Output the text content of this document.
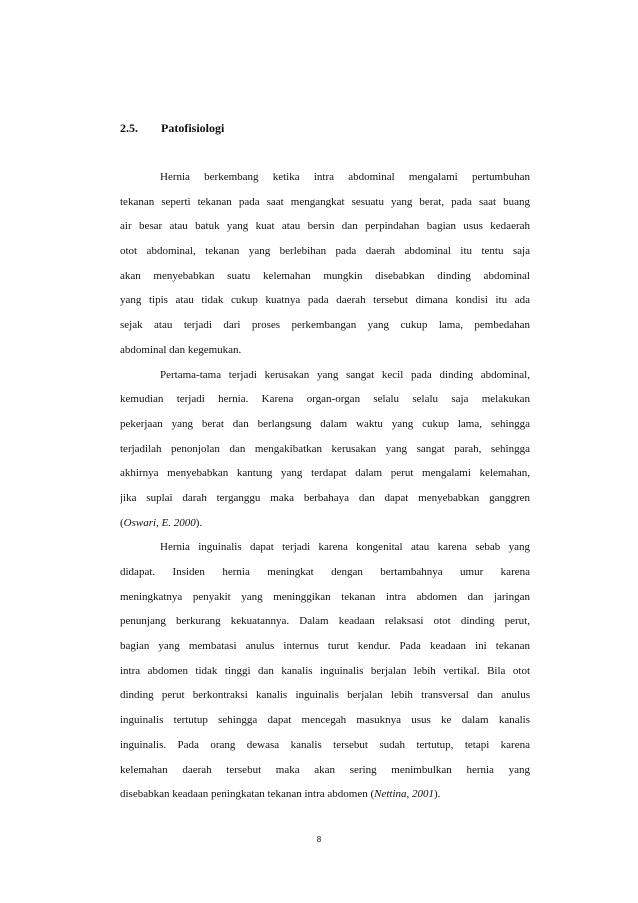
2.5. Patofisiologi
Hernia berkembang ketika intra abdominal mengalami pertumbuhan
tekanan seperti tekanan pada saat mengangkat sesuatu yang berat, pada saat buang
air besar atau batuk yang kuat atau bersin dan perpindahan bagian usus kedaerah
otot abdominal, tekanan yang berlebihan pada daerah abdominal itu tentu saja
akan menyebabkan suatu kelemahan mungkin disebabkan dinding abdominal
yang tipis atau tidak cukup kuatnya pada daerah tersebut dimana kondisi itu ada
sejak atau terjadi dari proses perkembangan yang cukup lama, pembedahan
abdominal dan kegemukan.
Pertama-tama terjadi kerusakan yang sangat kecil pada dinding abdominal,
kemudian terjadi hernia. Karena organ-organ selalu selalu saja melakukan
pekerjaan yang berat dan berlangsung dalam waktu yang cukup lama, sehingga
terjadilah penonjolan dan mengakibatkan kerusakan yang sangat parah, sehingga
akhirnya menyebabkan kantung yang terdapat dalam perut mengalami kelemahan,
jika suplai darah terganggu maka berbahaya dan dapat menyebabkan ganggren
(Oswari, E. 2000).
Hernia inguinalis dapat terjadi karena kongenital atau karena sebab yang
didapat. Insiden hernia meningkat dengan bertambahnya umur karena
meningkatnya penyakit yang meninggikan tekanan intra abdomen dan jaringan
penunjang berkurang kekuatannya. Dalam keadaan relaksasi otot dinding perut,
bagian yang membatasi anulus internus turut kendur. Pada keadaan ini tekanan
intra abdomen tidak tinggi dan kanalis inguinalis berjalan lebih vertikal. Bila otot
dinding perut berkontraksi kanalis inguinalis berjalan lebih transversal dan anulus
inguinalis tertutup sehingga dapat mencegah masuknya usus ke dalam kanalis
inguinalis. Pada orang dewasa kanalis tersebut sudah tertutup, tetapi karena
kelemahan daerah tersebut maka akan sering menimbulkan hernia yang
disebabkan keadaan peningkatan tekanan intra abdomen (Nettina, 2001).
8
